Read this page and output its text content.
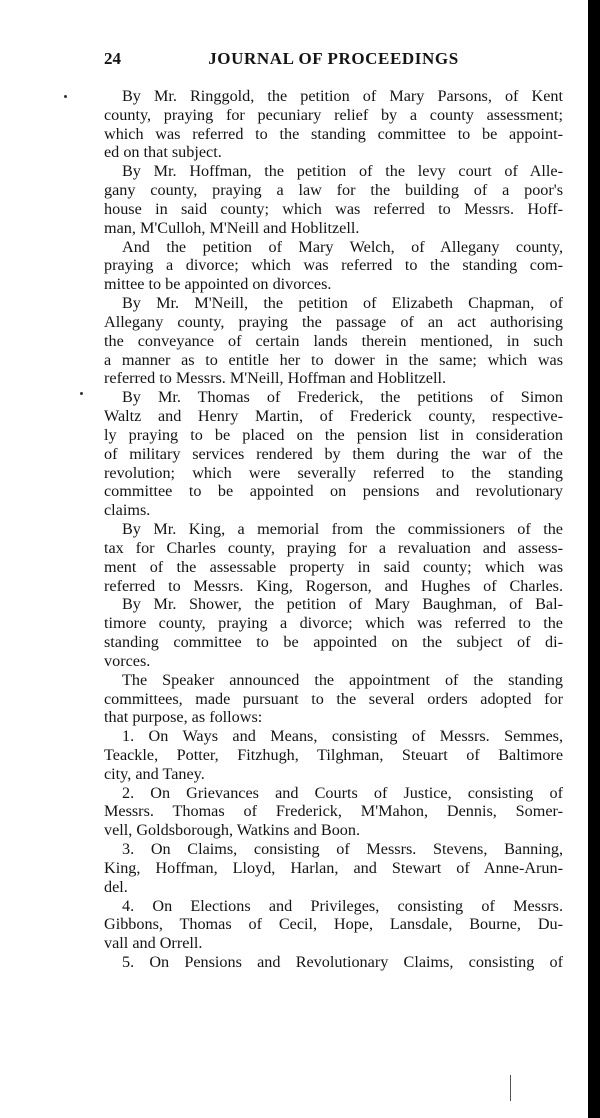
24	JOURNAL OF PROCEEDINGS
By Mr. Ringgold, the petition of Mary Parsons, of Kent
county, praying for pecuniary relief by a county assessment;
which was referred to the standing committee to be appoint-
ed on that subject.
By Mr. Hoffman, the petition of the levy court of Alle-
gany county, praying a law for the building of a poor's
house in said county; which was referred to Messrs. Hoff-
man, M'Culloh, M'Neill and Hoblitzell.
And the petition of Mary Welch, of Allegany county,
praying a divorce; which was referred to the standing com-
mittee to be appointed on divorces.
By Mr. M'Neill, the petition of Elizabeth Chapman, of
Allegany county, praying the passage of an act authorising
the conveyance of certain lands therein mentioned, in such
a manner as to entitle her to dower in the same; which was
referred to Messrs. M'Neill, Hoffman and Hoblitzell.
By Mr. Thomas of Frederick, the petitions of Simon
Waltz and Henry Martin, of Frederick county, respective-
ly praying to be placed on the pension list in consideration
of military services rendered by them during the war of the
revolution; which were severally referred to the standing
committee to be appointed on pensions and revolutionary
claims.
By Mr. King, a memorial from the commissioners of the
tax for Charles county, praying for a revaluation and assess-
ment of the assessable property in said county; which was
referred to Messrs. King, Rogerson, and Hughes of Charles.
By Mr. Shower, the petition of Mary Baughman, of Bal-
timore county, praying a divorce; which was referred to the
standing committee to be appointed on the subject of di-
vorces.
The Speaker announced the appointment of the standing
committees, made pursuant to the several orders adopted for
that purpose, as follows:
1. On Ways and Means, consisting of Messrs. Semmes,
Teackle, Potter, Fitzhugh, Tilghman, Steuart of Baltimore
city, and Taney.
2. On Grievances and Courts of Justice, consisting of
Messrs. Thomas of Frederick, M'Mahon, Dennis, Somer-
vell, Goldsborough, Watkins and Boon.
3. On Claims, consisting of Messrs. Stevens, Banning,
King, Hoffman, Lloyd, Harlan, and Stewart of Anne-Arun-
del.
4. On Elections and Privileges, consisting of Messrs.
Gibbons, Thomas of Cecil, Hope, Lansdale, Bourne, Du-
vall and Orrell.
5. On Pensions and Revolutionary Claims, consisting of
